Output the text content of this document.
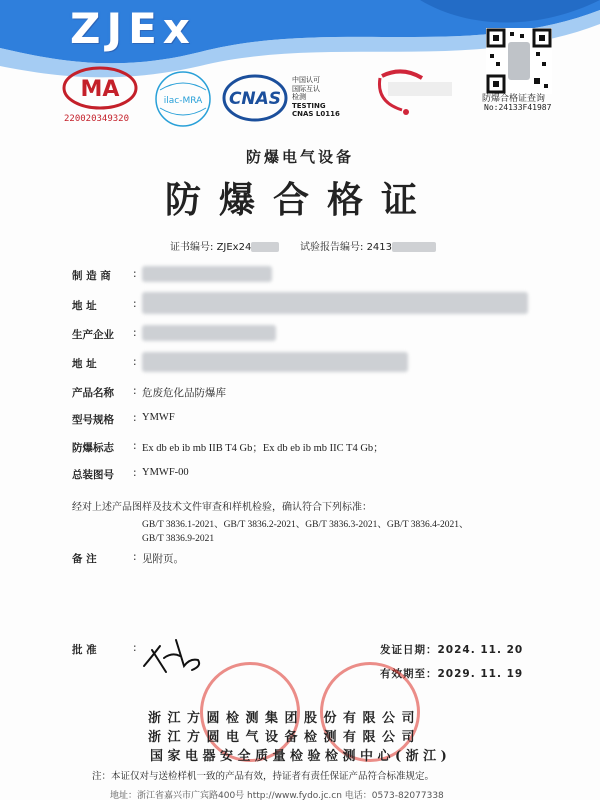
ZJEx
MA
220020349320
ilac-MRA CNAS
中国认可
国际互认
检测
TESTING
CNAS L0116
防爆合格证查询
No:24133F41987
防爆电气设备
防爆合格证
证书编号: ZJEx24	试验报告编号: 2413
制 造 商 :
地 址	:
生产企业 :
地 址	:
产品名称 : 危废危化品防爆库
型号规格 : YMWF
防爆标志 : Ex db eb ib mb IIB T4 Gb；Ex db eb ib mb IIC T4 Gb；
总装图号 : YMWF-00
经对上述产品图样及技术文件审查和样机检验，确认符合下列标准：
GB/T 3836.1-2021、GB/T 3836.2-2021、GB/T 3836.3-2021、GB/T 3836.4-2021、
GB/T 3836.9-2021
备 注	: 见附页。
批 准	:	发证日期：2024. 11. 20
有效期至：2029. 11. 19
浙江方圆检测集团股份有限公司
浙江方圆电气设备检测有限公司
国家电器安全质量检验检测中心(浙江)
注：本证仅对与送检样机一致的产品有效，持证者有责任保证产品符合标准规定。
地址：浙江省嘉兴市广宾路400号 http://www.fydo.jc.cn 电话：0573-82077338
